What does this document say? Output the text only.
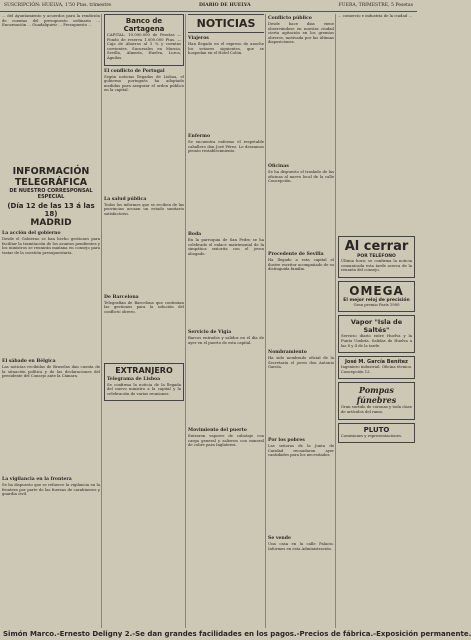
SUSCRIPCIÓN: HUELVA, 1'50 Ptas. trimestre	DIARIO DE HUELVA	FUERA, TRIMESTRE, 5 Pesetas

... del Ayuntamiento y acuerdos para la rendición de cuentas del presupuesto ordinario ... Encarnación ... Guadalquivir ... Presupuesto ...

INFORMACIÓN TELEGRÁFICA
DE NUESTRO CORRESPONSAL ESPECIAL
(Día 12 de las 13 á las 18)
MADRID
La acción del gobierno

Desde el Gobierno se han hecho gestiones para facilitar la tramitación de los asuntos pendientes y los ministros se reunirán mañana en consejo para tratar de la cuestión presupuestaria.

El sábado en Bélgica

Las noticias recibidas de Bruselas dan cuenta de la situación política y de las declaraciones del presidente del Consejo ante la Cámara.

La vigilancia en la frontera

Se ha dispuesto que se refuerce la vigilancia en la frontera por parte de las fuerzas de carabineros y guardia civil.

Banco de Cartagena

CAPITAL: 10.000.000 de Pesetas — Fondo de reserva 1.000.000 Ptas. — Caja de Ahorros al 3 % y cuentas corrientes. Sucursales en Murcia, Sevilla, Almería, Huelva, Lorca, Águilas.

El conflicto de Portugal

Según noticias llegadas de Lisboa, el gobierno portugués ha adoptado medidas para asegurar el orden público en la capital.

La salud pública

Todos los informes que se reciben de las provincias acusan un estado sanitario satisfactorio.

De Barcelona

Telegrafían de Barcelona que continúan las gestiones para la solución del conflicto obrero.

EXTRANJERO
Telegrama de Lisboa

Se confirma la noticia de la llegada del nuevo ministro a la capital y la celebración de varias reuniones.

NOTICIAS
Viajeros

Han llegado en el expreso de anoche los señores siguientes, que se hospedan en el Hotel Colón.

Enfermo

Se encuentra enfermo el respetable caballero don José Pérez. Le deseamos pronto restablecimiento.

Boda

En la parroquia de San Pedro se ha celebrado el enlace matrimonial de la simpática señorita con el joven abogado.

Servicio de Vigía

Barcos entrados y salidos en el día de ayer en el puerto de esta capital.

Movimiento del puerto

Entraron vapores de cabotaje con carga general y salieron con mineral de cobre para Inglaterra.

Conflicto público

Desde hace días viene observándose en nuestra ciudad cierta agitación en los gremios obreros, motivada por las últimas disposiciones.

Oficinas

Se ha dispuesto el traslado de las oficinas al nuevo local de la calle Concepción.

Procedente de Sevilla

Ha llegado a esta capital el ilustre escritor acompañado de su distinguida familia.

Nombramiento

Ha sido nombrado oficial de la Secretaría el joven don Antonio García.

Por los pobres

Las señoras de la Junta de Caridad recaudaron ayer cantidades para los necesitados.

Se vende

Una casa en la calle Palacio. Informes en esta Administración.

... comercio e industria de la ciudad ...

Al cerrar
POR TELÉFONO

Última hora: se confirma la noticia comunicada esta tarde acerca de la reunión del consejo.

OMEGA
El mejor reloj de precisión

Gran premio París 1900

Vapor "Isla de Saltés"

Servicio diario entre Huelva y la Punta Umbría. Salidas de Huelva a las 8 y 4 de la tarde.

José M. García Benítez

Ingeniero industrial. Oficina técnica. Concepción 12.

Pompas fúnebres

Gran surtido de coronas y toda clase de artículos del ramo.

PLUTO

Comisiones y representaciones.

Simón Marco.-Ernesto Deligny 2.-Se dan grandes facilidades en los pagos.-Precios de fábrica.-Exposición permanente.
